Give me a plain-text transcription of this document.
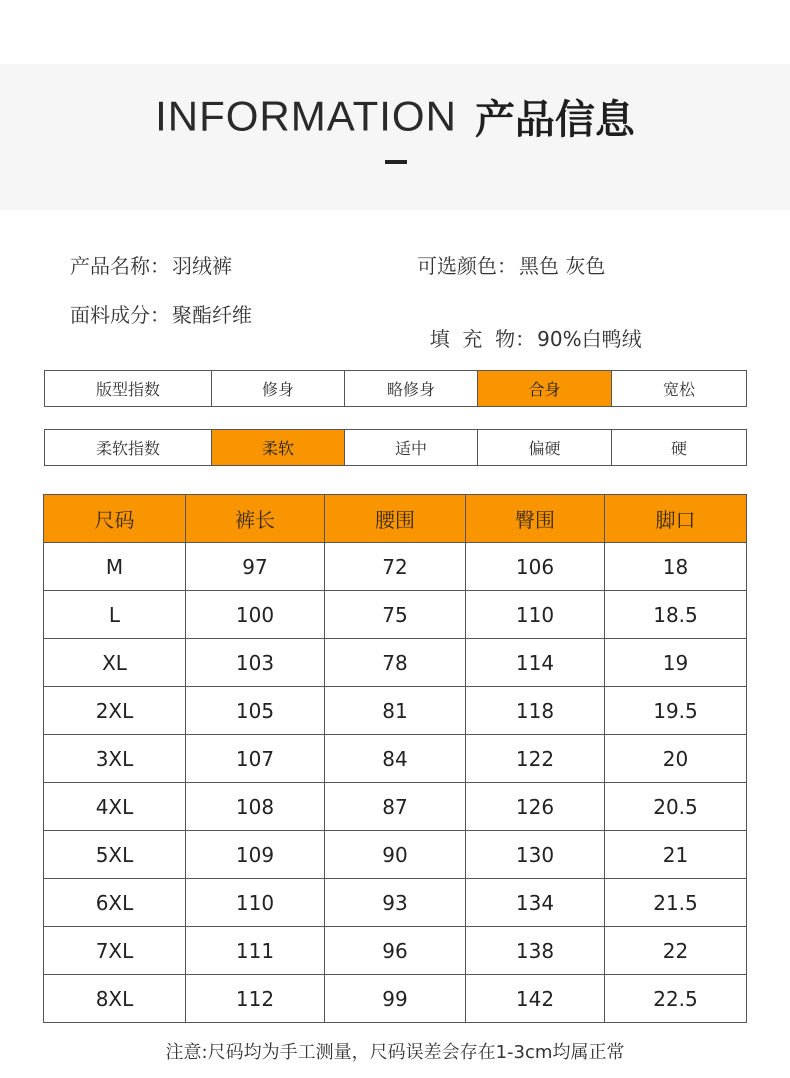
INFORMATION 产品信息
产品名称： 羽绒裤	可选颜色： 黑色 灰色
面料成分： 聚酯纤维

填  充  物： 90%白鸭绒

版型指数	修身	略修身	合身	宽松
柔软指数	柔软	适中	偏硬	硬
尺码	裤长	腰围	臀围	脚口
M	97	72	106	18
L	100	75	110	18.5
XL	103	78	114	19
2XL	105	81	118	19.5
3XL	107	84	122	20
4XL	108	87	126	20.5
5XL	109	90	130	21
6XL	110	93	134	21.5
7XL	111	96	138	22
8XL	112	99	142	22.5
注意:尺码均为手工测量，尺码误差会存在1-3cm均属正常
